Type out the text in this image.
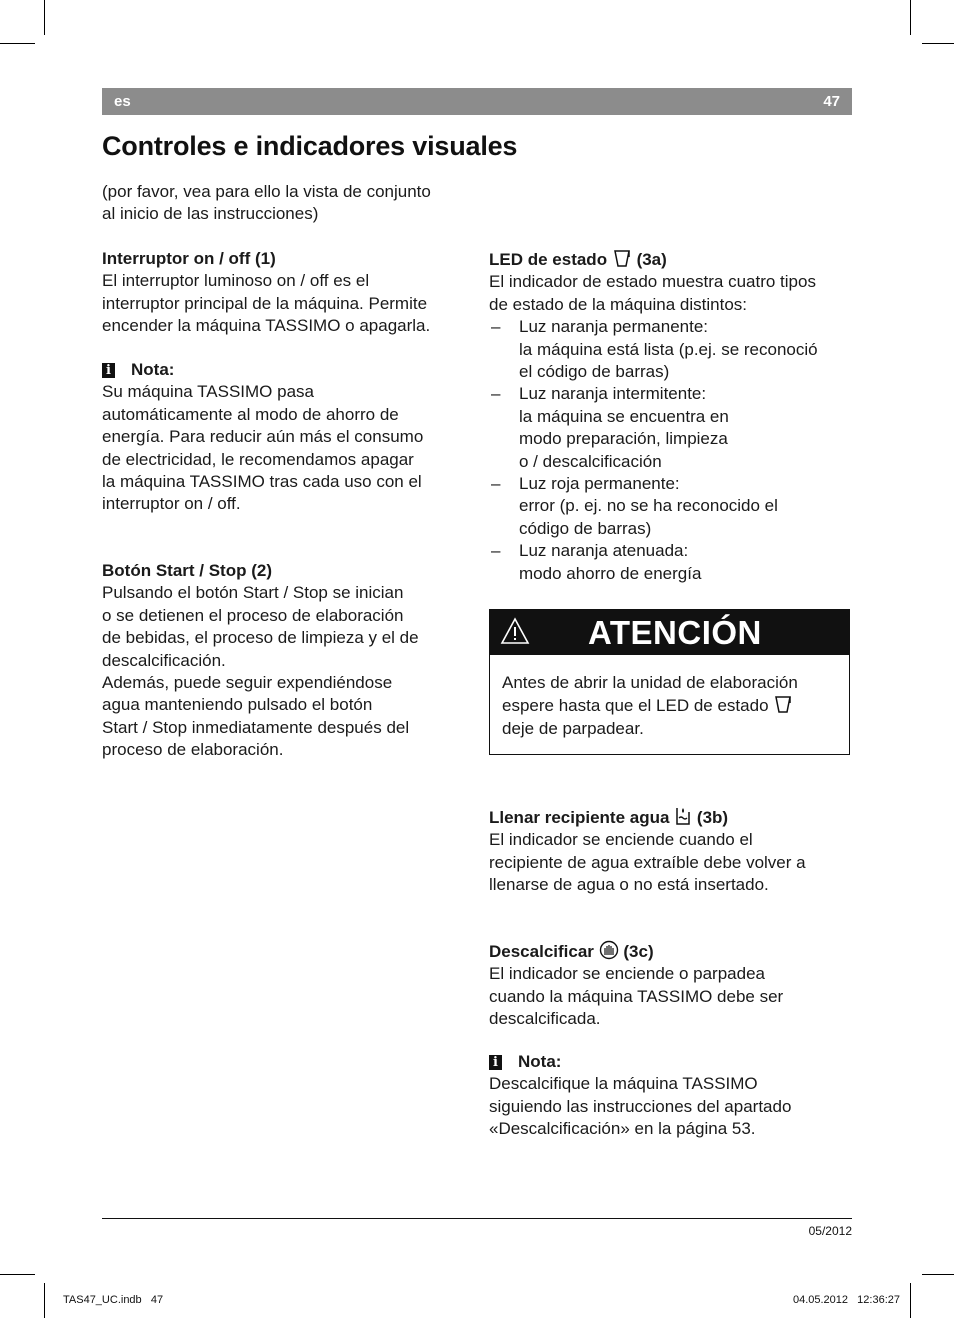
es	47
Controles e indicadores visuales

(por favor, vea para ello la vista de conjunto

al inicio de las instrucciones)

Interruptor on / off (1)

El interruptor luminoso on / off es el

interruptor principal de la máquina. Permite

encender la máquina TASSIMO o apagarla.

i Nota:

Su máquina TASSIMO pasa

automáticamente al modo de ahorro de

energía. Para reducir aún más el consumo

de electricidad, le recomendamos apagar

la máquina TASSIMO tras cada uso con el

interruptor on / off.

Botón Start / Stop (2)

Pulsando el botón Start / Stop se inician

o se detienen el proceso de elaboración

de bebidas, el proceso de limpieza y el de

descalcificación.

Además, puede seguir expendiéndose

agua manteniendo pulsado el botón

Start / Stop inmediatamente después del

proceso de elaboración.

LED de estado (3a)

El indicador de estado muestra cuatro tipos

de estado de la máquina distintos:

– Luz naranja permanente:
la máquina está lista (p.ej. se reconoció
el código de barras)
– Luz naranja intermitente:
la máquina se encuentra en
modo preparación, limpieza
o / descalcificación
– Luz roja permanente:
error (p. ej. no se ha reconocido el
código de barras)
– Luz naranja atenuada:
modo ahorro de energía
ATENCIÓN
Antes de abrir la unidad de elaboración
espere hasta que el LED de estado
deje de parpadear.
Llenar recipiente agua (3b)

El indicador se enciende cuando el

recipiente de agua extraíble debe volver a

llenarse de agua o no está insertado.

Descalcificar (3c)

El indicador se enciende o parpadea

cuando la máquina TASSIMO debe ser

descalcificada.

i Nota:

Descalcifique la máquina TASSIMO

siguiendo las instrucciones del apartado

«Descalcificación» en la página 53.

05/2012
TAS47_UC.indb   47	04.05.2012   12:36:27
